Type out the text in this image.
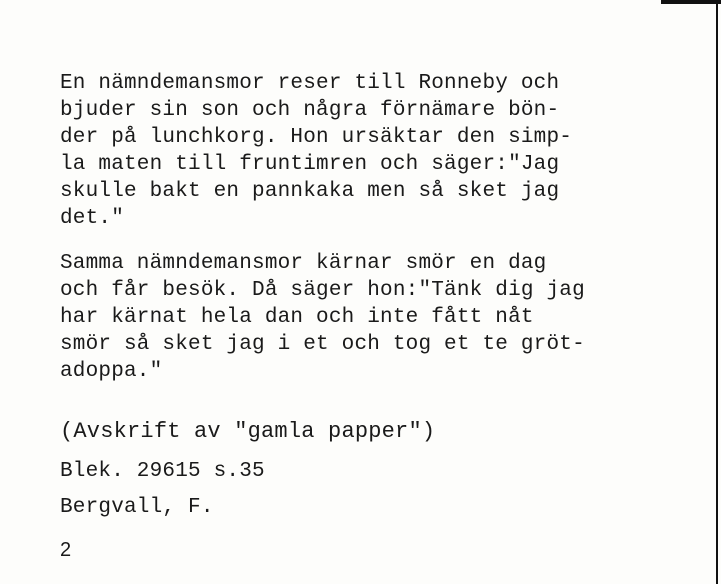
En nämndemansmor reser till Ronneby och
bjuder sin son och några förnämare bön-
der på lunchkorg. Hon ursäktar den simp-
la maten till fruntimren och säger:"Jag
skulle bakt en pannkaka men så sket jag
det."
Samma nämndemansmor kärnar smör en dag
och får besök. Då säger hon:"Tänk dig jag
har kärnat hela dan och inte fått nåt
smör så sket jag i et och tog et te gröt-
adoppa."
(Avskrift av "gamla papper")
Blek. 29615 s.35
Bergvall, F.
2
